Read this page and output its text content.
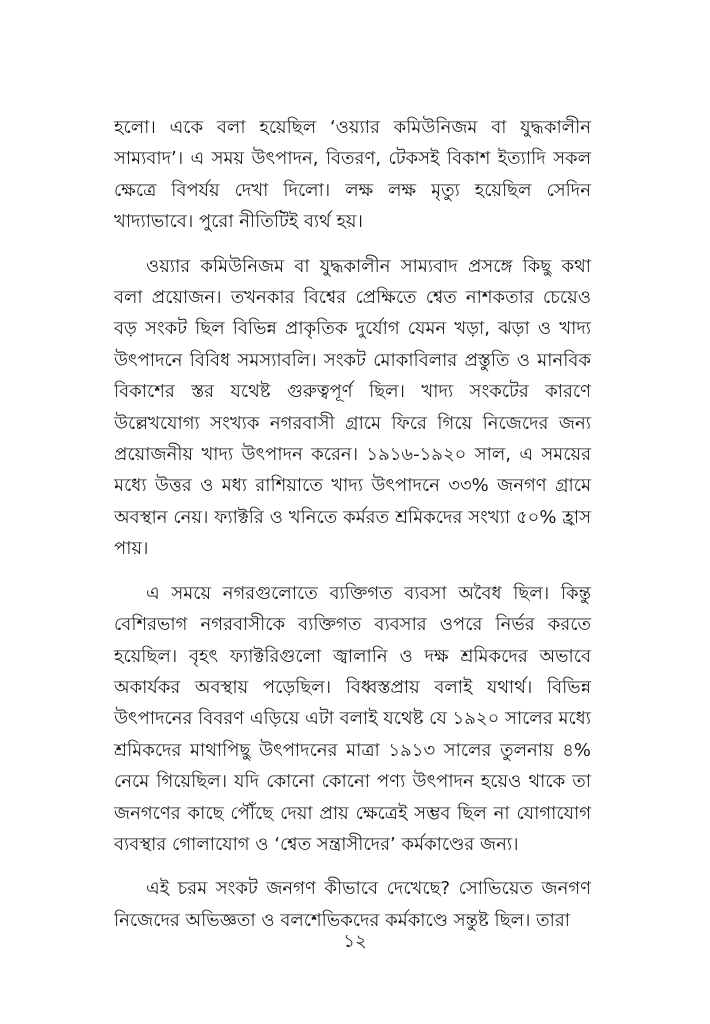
হলো। একে বলা হয়েছিল ‘ওয়্যার কমিউনিজম বা যুদ্ধকালীন সাম্যবাদ’। এ সময় উৎপাদন, বিতরণ, টেকসই বিকাশ ইত্যাদি সকল ক্ষেত্রে বিপর্যয় দেখা দিলো। লক্ষ লক্ষ মৃত্যু হয়েছিল সেদিন খাদ্যাভাবে। পুরো নীতিটিই ব্যর্থ হয়।

ওয়্যার কমিউনিজম বা যুদ্ধকালীন সাম্যবাদ প্রসঙ্গে কিছু কথা বলা প্রয়োজন। তখনকার বিশ্বের প্রেক্ষিতে শ্বেত নাশকতার চেয়েও বড় সংকট ছিল বিভিন্ন প্রাকৃতিক দুর্যোগ যেমন খড়া, ঝড়া ও খাদ্য উৎপাদনে বিবিধ সমস্যাবলি। সংকট মোকাবিলার প্রস্তুতি ও মানবিক বিকাশের স্তর যথেষ্ট গুরুত্বপূর্ণ ছিল। খাদ্য সংকটের কারণে উল্লেখযোগ্য সংখ্যক নগরবাসী গ্রামে ফিরে গিয়ে নিজেদের জন্য প্রয়োজনীয় খাদ্য উৎপাদন করেন। ১৯১৬-১৯২০ সাল, এ সময়ের মধ্যে উত্তর ও মধ্য রাশিয়াতে খাদ্য উৎপাদনে ৩৩% জনগণ গ্রামে অবস্থান নেয়। ফ্যাক্টরি ও খনিতে কর্মরত শ্রমিকদের সংখ্যা ৫০% হ্রাস পায়।

এ সময়ে নগরগুলোতে ব্যক্তিগত ব্যবসা অবৈধ ছিল। কিন্তু বেশিরভাগ নগরবাসীকে ব্যক্তিগত ব্যবসার ওপরে নির্ভর করতে হয়েছিল। বৃহৎ ফ্যাক্টরিগুলো জ্বালানি ও দক্ষ শ্রমিকদের অভাবে অকার্যকর অবস্থায় পড়েছিল। বিধ্বস্তপ্রায় বলাই যথার্থ। বিভিন্ন উৎপাদনের বিবরণ এড়িয়ে এটা বলাই যথেষ্ট যে ১৯২০ সালের মধ্যে শ্রমিকদের মাথাপিছু উৎপাদনের মাত্রা ১৯১৩ সালের তুলনায় ৪% নেমে গিয়েছিল। যদি কোনো কোনো পণ্য উৎপাদন হয়েও থাকে তা জনগণের কাছে পৌঁছে দেয়া প্রায় ক্ষেত্রেই সম্ভব ছিল না যোগাযোগ ব্যবস্থার গোলাযোগ ও ‘শ্বেত সন্ত্রাসীদের’ কর্মকাণ্ডের জন্য।

এই চরম সংকট জনগণ কীভাবে দেখেছে? সোভিয়েত জনগণ নিজেদের অভিজ্ঞতা ও বলশেভিকদের কর্মকাণ্ডে সন্তুষ্ট ছিল। তারা

১২
